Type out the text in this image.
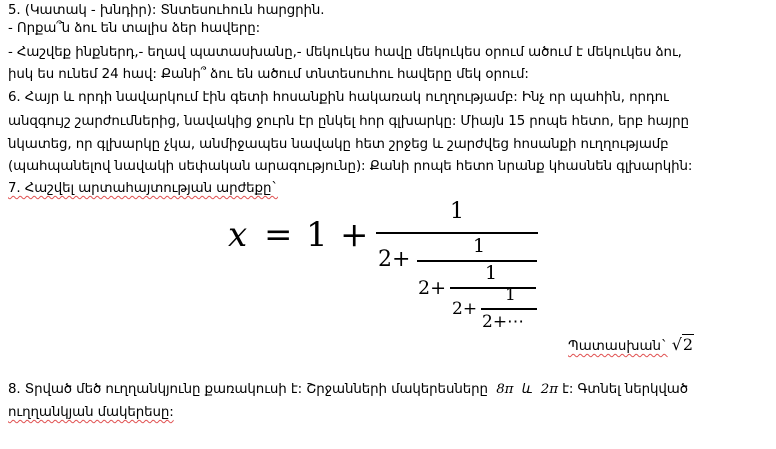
5. (Կատակ - խնդիր): Տնտեսուհուն հարցրին.
- Որքա՞ն ձու են տալիս ձեր հավերը:
- Հաշվեք ինքներդ,- եղավ պատասխանը,- մեկուկես հավը մեկուկես օրում ածում է մեկուկես ձու,
իսկ ես ունեմ 24 հավ: Քանի՞ ձու են ածում տնտեսուհու հավերը մեկ օրում:
6. Հայր և որդի նավարկում էին գետի հոսանքին հակառակ ուղղությամբ: Ինչ որ պահին, որդու
անզգույշ շարժումներից, նավակից ջուրն էր ընկել հոր գլխարկը: Միայն 15 րոպե հետո, երբ հայրը
նկատեց, որ գլխարկը չկա, անմիջապես նավակը հետ շրջեց և շարժվեց հոսանքի ուղղությամբ
(պահպանելով նավակի սեփական արագությունը): Քանի րոպե հետո նրանք կհասնեն գլխարկին:
7. Հաշվել արտահայտության արժեքը`
x = 1 +
1
2+
1
2+
1
2+
1
2+⋯
Պատասխան` √2
8. Տրված մեծ ուղղանկյունը քառակուսի է: Շրջանների մակերեսները 8π և 2π է: Գտնել ներկված
ուղղանկյան մակերեսը:
